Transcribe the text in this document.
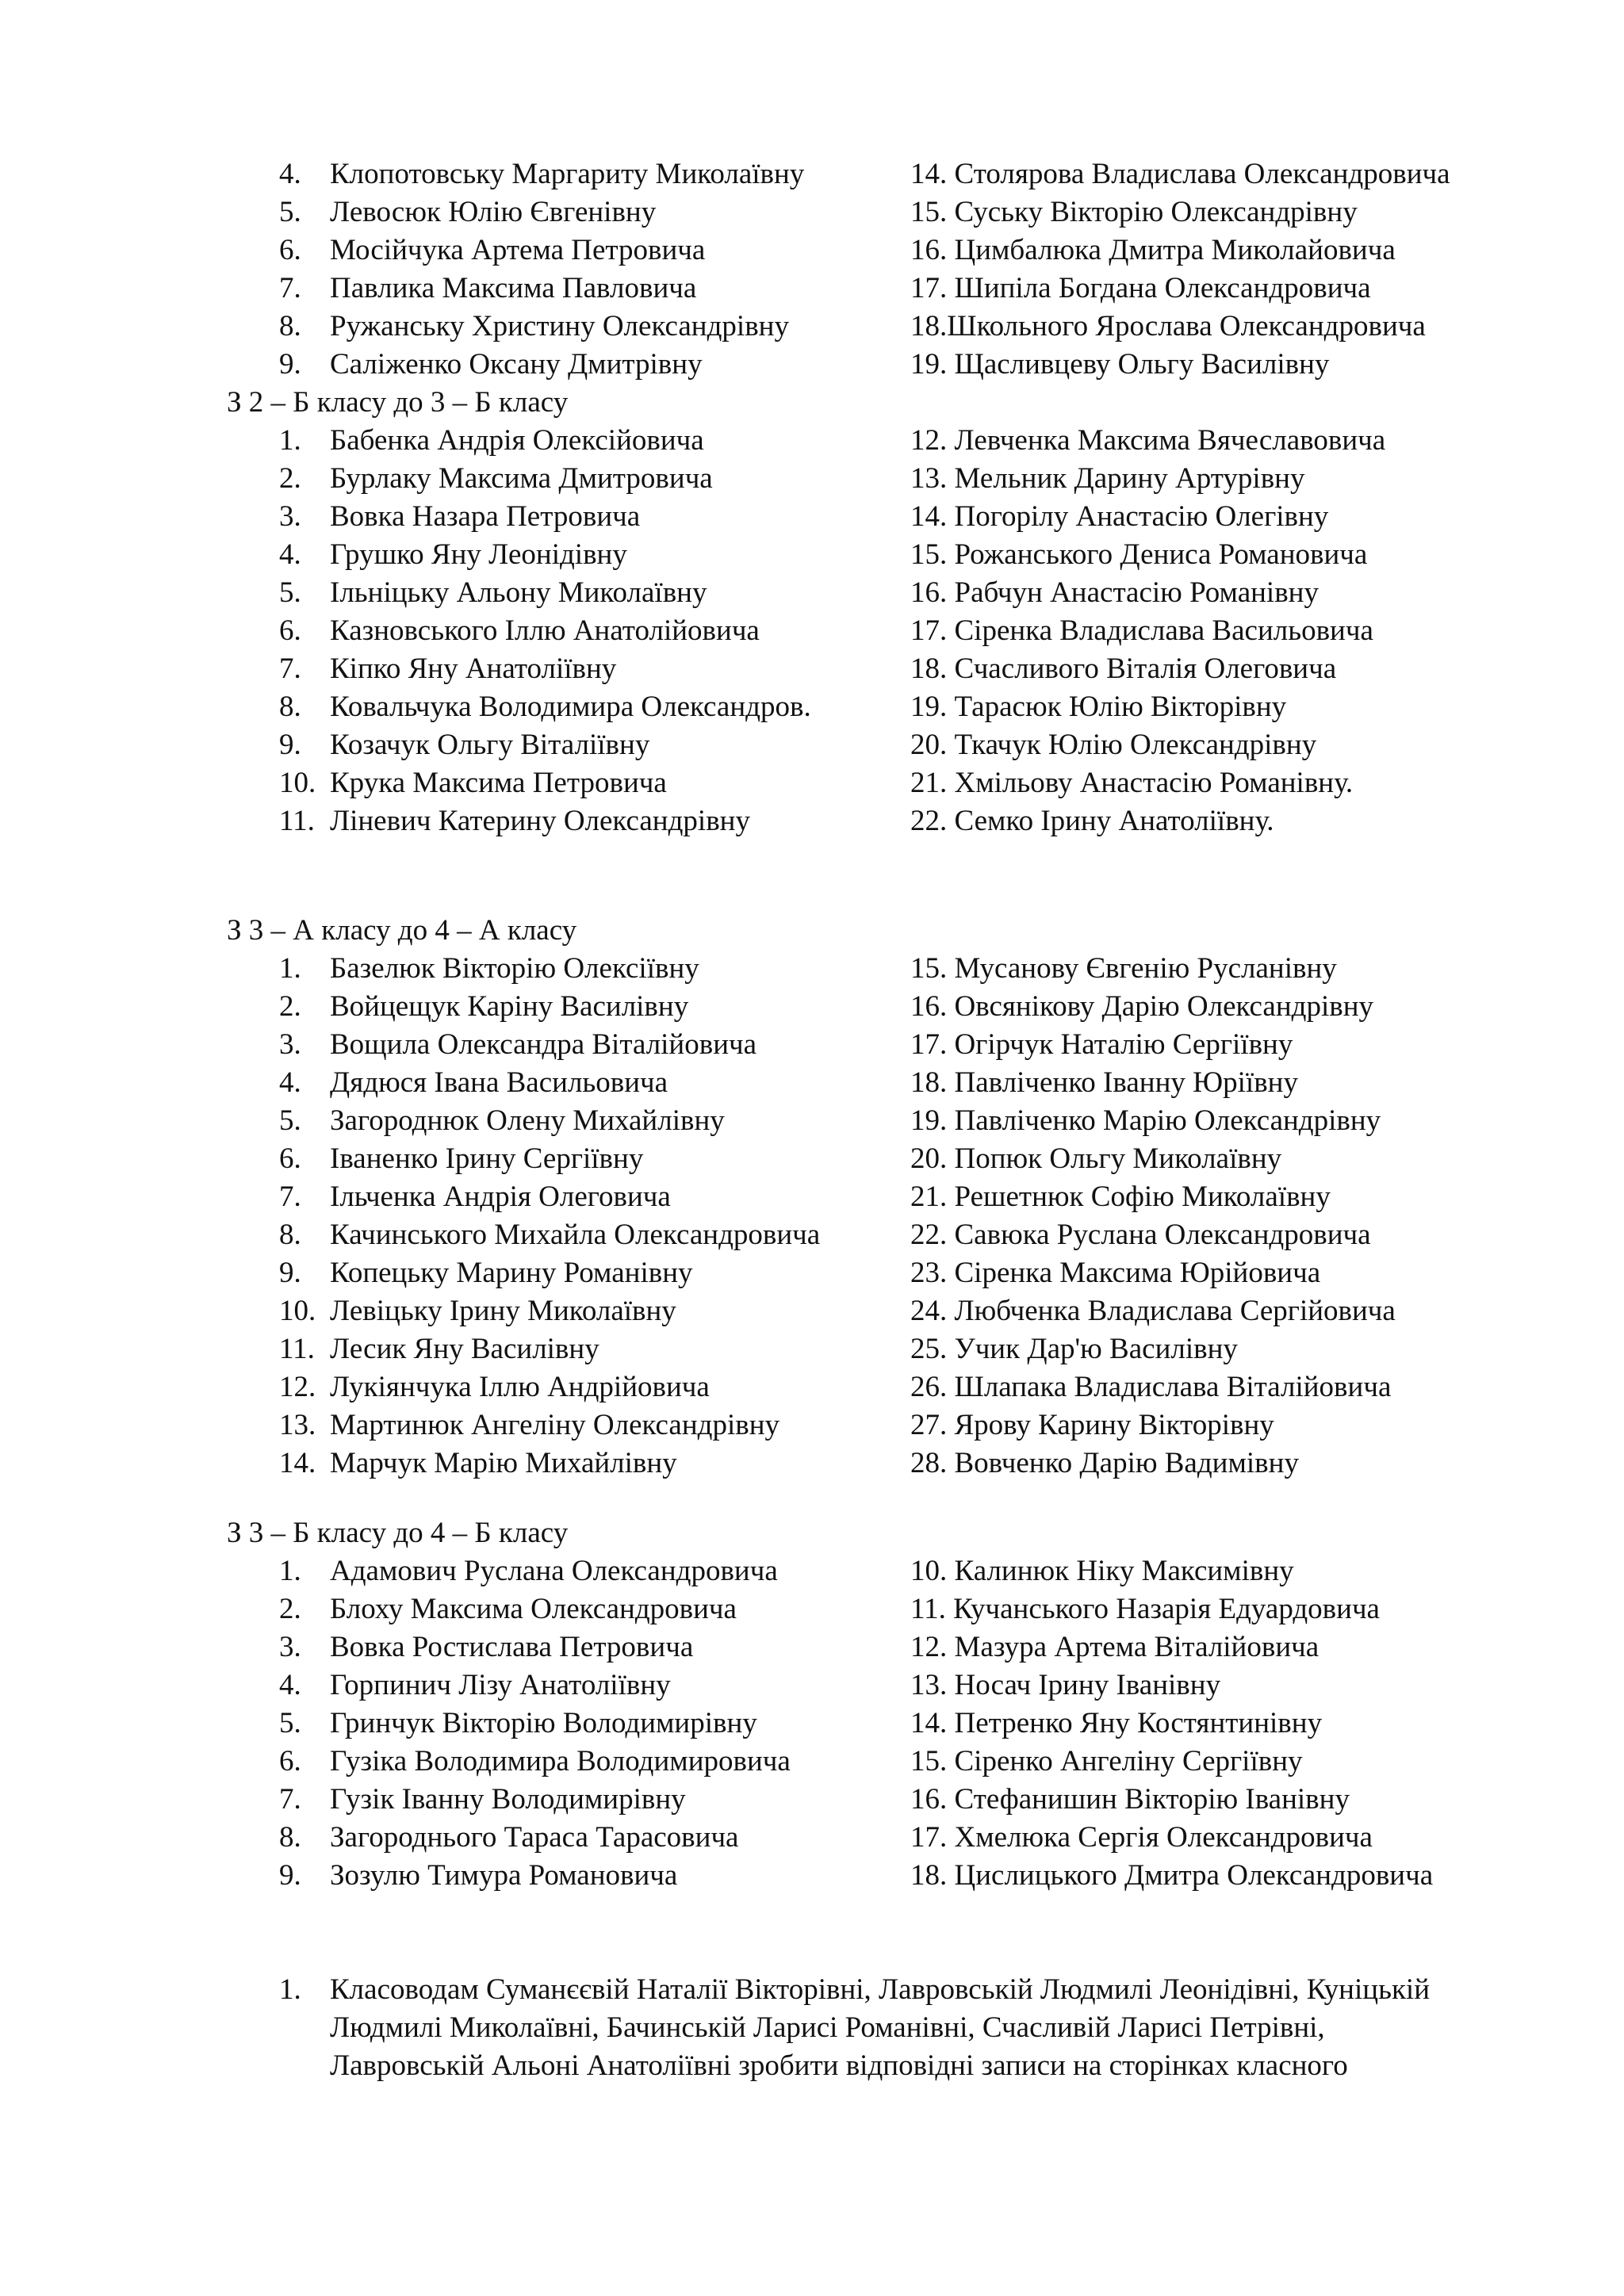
4. Клопотовську Маргариту Миколаївну	14. Столярова Владислава Олександровича
5. Левосюк Юлію Євгенівну	15. Суську Вікторію Олександрівну
6. Мосійчука Артема Петровича	16. Цимбалюка Дмитра Миколайовича
7. Павлика Максима Павловича	17. Шипіла Богдана Олександровича
8. Ружанську Христину Олександрівну	18.Школьного Ярослава Олександровича
9. Саліженко Оксану Дмитрівну	19. Щасливцеву Ольгу Василівну
З 2 – Б класу до 3 – Б класу
1. Бабенка Андрія Олексійовича	12. Левченка Максима Вячеславовича
2. Бурлаку Максима Дмитровича	13. Мельник Дарину Артурівну
3. Вовка Назара Петровича	14. Погорілу Анастасію Олегівну
4. Грушко Яну Леонідівну	15. Рожанського Дениса Романовича
5. Ільніцьку Альону Миколаївну	16. Рабчун Анастасію Романівну
6. Казновського Іллю Анатолійовича	17. Сіренка Владислава Васильовича
7. Кіпко Яну Анатоліївну	18. Счасливого Віталія Олеговича
8. Ковальчука Володимира Олександров.	19. Тарасюк Юлію Вікторівну
9. Козачук Ольгу Віталіївну	20. Ткачук Юлію Олександрівну
10. Крука Максима Петровича	21. Хмільову Анастасію Романівну.
11. Ліневич Катерину Олександрівну	22. Семко Ірину Анатоліївну.
З 3 – А класу до 4 – А класу
1. Базелюк Вікторію Олексіївну	15. Мусанову Євгенію Русланівну
2. Войцещук Каріну Василівну	16. Овсянікову Дарію Олександрівну
3. Вощила Олександра Віталійовича	17. Огірчук Наталію Сергіївну
4. Дядюся Івана Васильовича	18. Павліченко Іванну Юріївну
5. Загороднюк Олену Михайлівну	19. Павліченко Марію Олександрівну
6. Іваненко Ірину Сергіївну	20. Попюк Ольгу Миколаївну
7. Ільченка Андрія Олеговича	21. Решетнюк Софію Миколаївну
8. Качинського Михайла Олександровича	22. Савюка Руслана Олександровича
9. Копецьку Марину Романівну	23. Сіренка Максима Юрійовича
10. Левіцьку Ірину Миколаївну	24. Любченка Владислава Сергійовича
11. Лесик Яну Василівну	25. Учик Дар'ю Василівну
12. Лукіянчука Іллю Андрійовича	26. Шлапака Владислава Віталійовича
13. Мартинюк Ангеліну Олександрівну	27. Ярову Карину Вікторівну
14. Марчук Марію Михайлівну	28. Вовченко Дарію Вадимівну
З 3 – Б класу до 4 – Б класу
1. Адамович Руслана Олександровича	10. Калинюк Ніку Максимівну
2. Блоху Максима Олександровича	11. Кучанського Назарія Едуардовича
3. Вовка Ростислава Петровича	12. Мазура Артема Віталійовича
4. Горпинич Лізу Анатоліївну	13. Носач Ірину Іванівну
5. Гринчук Вікторію Володимирівну	14. Петренко Яну Костянтинівну
6. Гузіка Володимира Володимировича	15. Сіренко Ангеліну Сергіївну
7. Гузік Іванну Володимирівну	16. Стефанишин Вікторію Іванівну
8. Загороднього Тараса Тарасовича	17. Хмелюка Сергія Олександровича
9. Зозулю Тимура Романовича	18. Цислицького Дмитра Олександровича
1. Класоводам Суманєєвій Наталії Вікторівні, Лавровській Людмилі Леонідівні, Куніцькій
Людмилі Миколаївні, Бачинській Ларисі Романівні, Счасливій Ларисі Петрівні,
Лавровській Альоні Анатоліївні зробити відповідні записи на сторінках класного
